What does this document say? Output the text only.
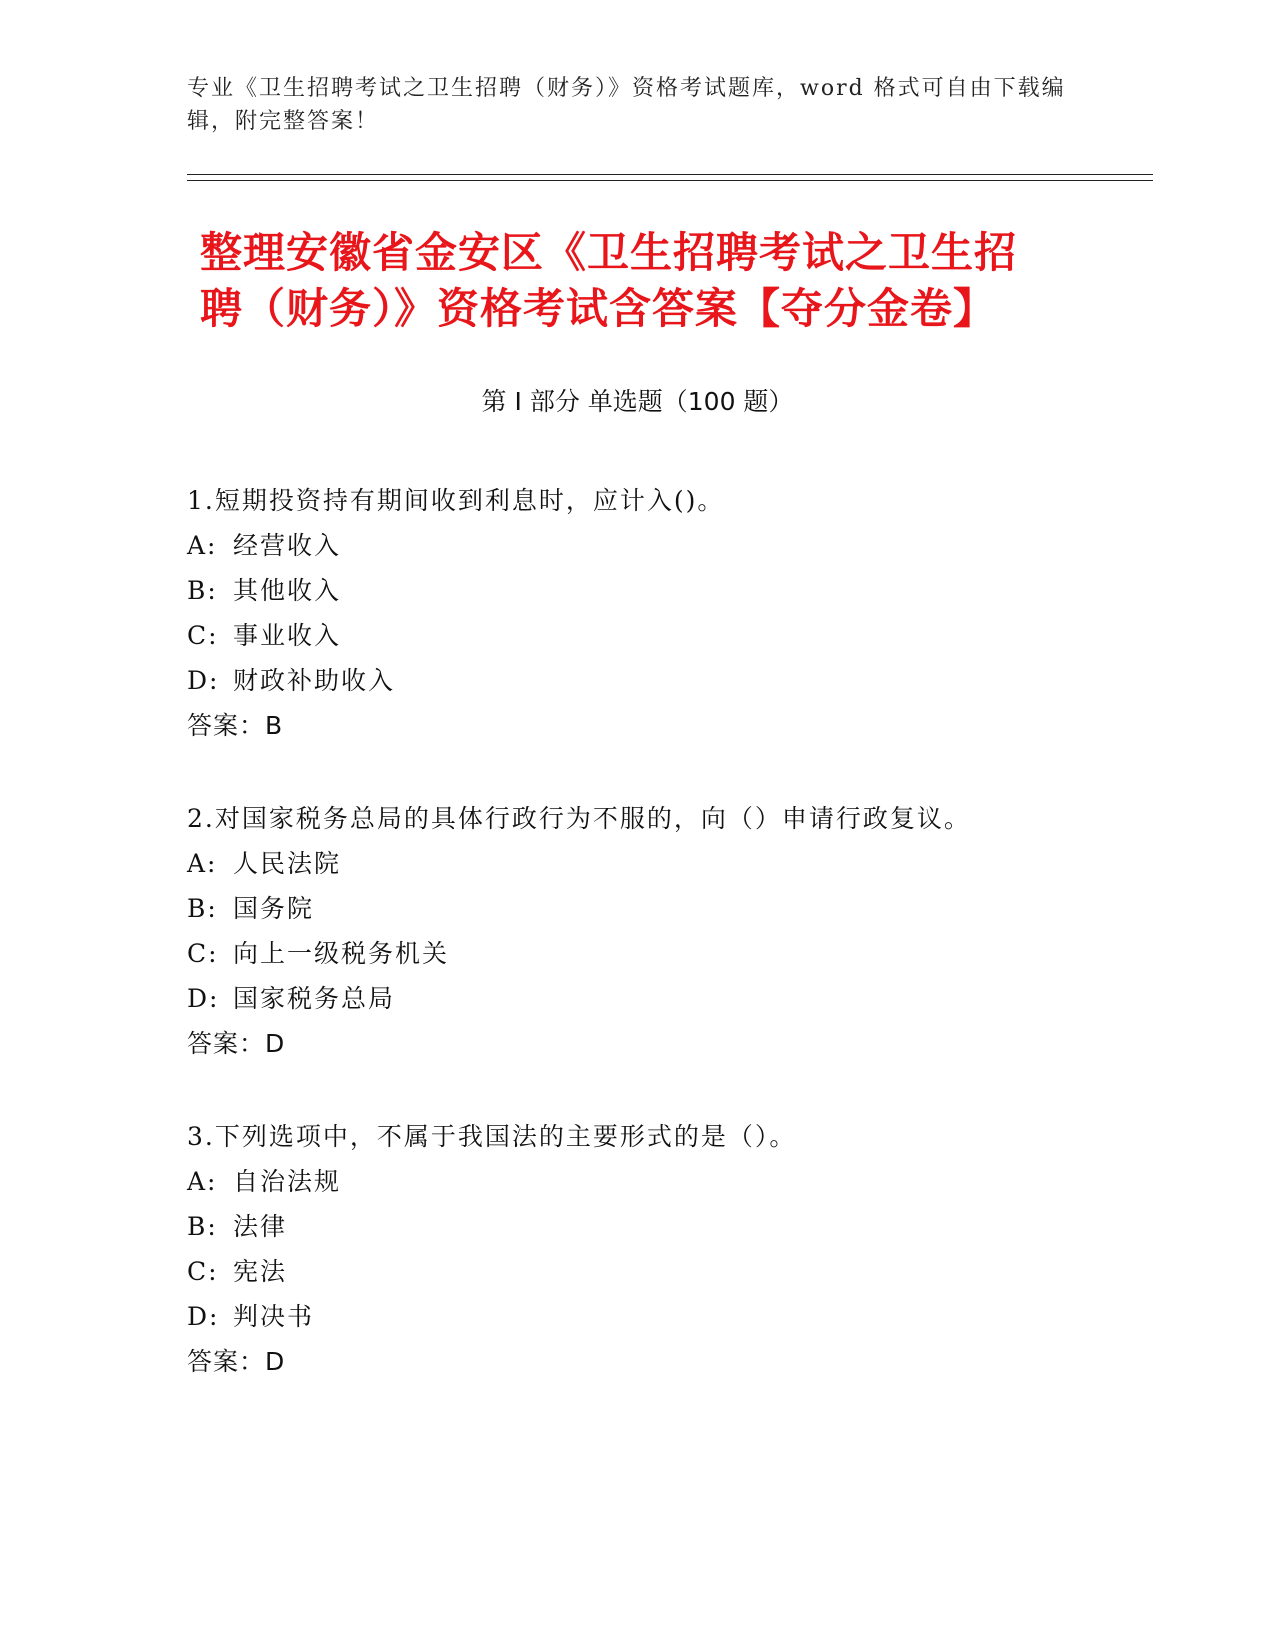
专业《卫生招聘考试之卫生招聘（财务）》资格考试题库，word 格式可自由下载编辑，附完整答案！
整理安徽省金安区《卫生招聘考试之卫生招
聘（财务）》资格考试含答案【夺分金卷】
第 I 部分 单选题（100 题）
1.短期投资持有期间收到利息时，应计入()。
A: 经营收入
B: 其他收入
C: 事业收入
D: 财政补助收入
答案：B
2.对国家税务总局的具体行政行为不服的，向（）申请行政复议。
A: 人民法院
B: 国务院
C: 向上一级税务机关
D: 国家税务总局
答案：D
3.下列选项中，不属于我国法的主要形式的是（）。
A: 自治法规
B: 法律
C: 宪法
D: 判决书
答案：D
